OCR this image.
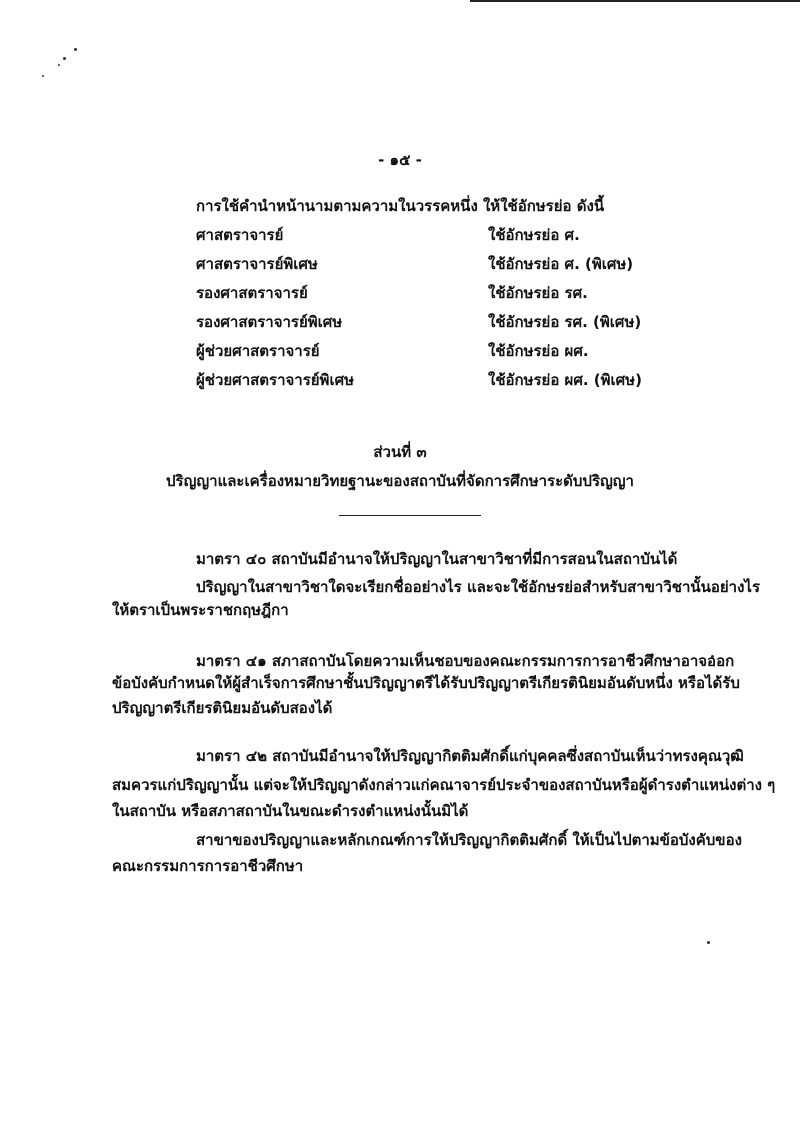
- ๑๕ -
การใช้คำนำหน้านามตามความในวรรคหนึ่ง ให้ใช้อักษรย่อ ดังนี้
ศาสตราจารย์	ใช้อักษรย่อ ศ.
ศาสตราจารย์พิเศษ	ใช้อักษรย่อ ศ. (พิเศษ)
รองศาสตราจารย์	ใช้อักษรย่อ รศ.
รองศาสตราจารย์พิเศษ	ใช้อักษรย่อ รศ. (พิเศษ)
ผู้ช่วยศาสตราจารย์	ใช้อักษรย่อ ผศ.
ผู้ช่วยศาสตราจารย์พิเศษ	ใช้อักษรย่อ ผศ. (พิเศษ)
ส่วนที่ ๓
ปริญญาและเครื่องหมายวิทยฐานะของสถาบันที่จัดการศึกษาระดับปริญญา
มาตรา ๔๐ สถาบันมีอำนาจให้ปริญญาในสาขาวิชาที่มีการสอนในสถาบันได้
ปริญญาในสาขาวิชาใดจะเรียกชื่ออย่างไร และจะใช้อักษรย่อสำหรับสาขาวิชานั้นอย่างไร
ให้ตราเป็นพระราชกฤษฎีกา
มาตรา ๔๑ สภาสถาบันโดยความเห็นชอบของคณะกรรมการการอาชีวศึกษาอาจออก
ข้อบังคับกำหนดให้ผู้สำเร็จการศึกษาชั้นปริญญาตรีได้รับปริญญาตรีเกียรตินิยมอันดับหนึ่ง หรือได้รับ
ปริญญาตรีเกียรตินิยมอันดับสองได้
มาตรา ๔๒ สถาบันมีอำนาจให้ปริญญากิตติมศักดิ์แก่บุคคลซึ่งสถาบันเห็นว่าทรงคุณวุฒิ
สมควรแก่ปริญญานั้น แต่จะให้ปริญญาดังกล่าวแก่คณาจารย์ประจำของสถาบันหรือผู้ดำรงตำแหน่งต่าง ๆ
ในสถาบัน หรือสภาสถาบันในขณะดำรงตำแหน่งนั้นมิได้
สาขาของปริญญาและหลักเกณฑ์การให้ปริญญากิตติมศักดิ์ ให้เป็นไปตามข้อบังคับของ
คณะกรรมการการอาชีวศึกษา
